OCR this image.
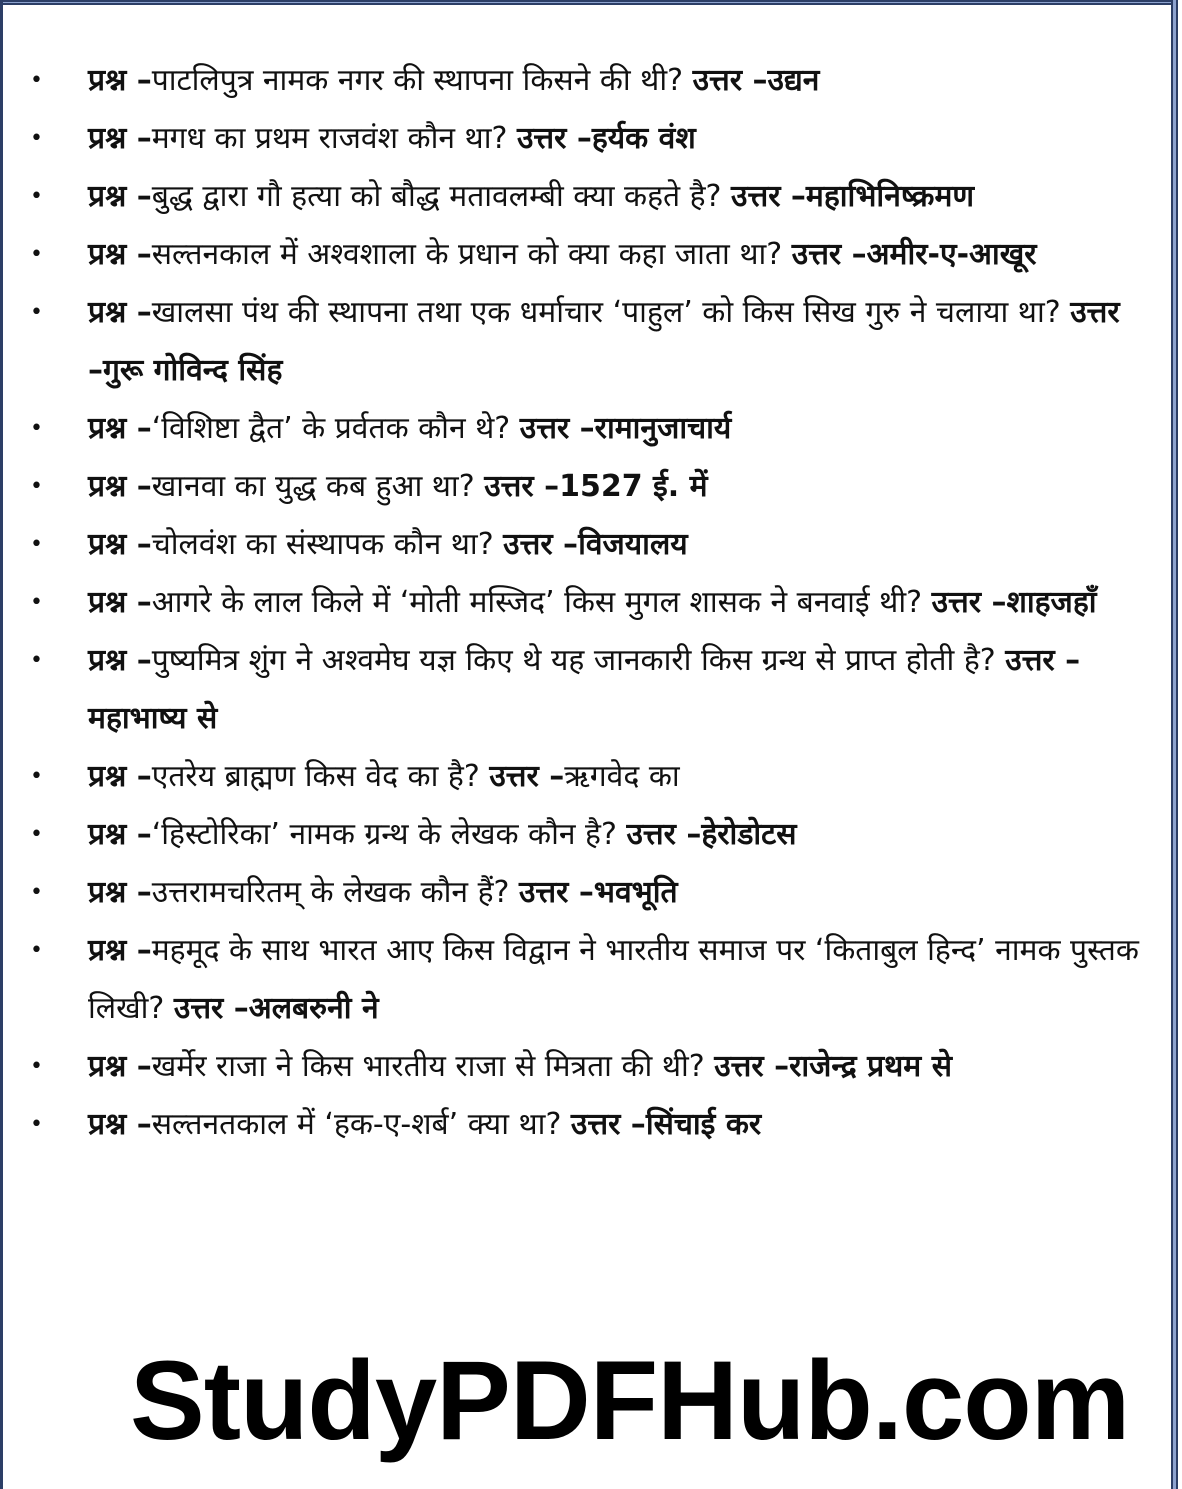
• प्रश्न –पाटलिपुत्र नामक नगर की स्थापना किसने की थी? उत्तर –उद्यन
• प्रश्न –मगध का प्रथम राजवंश कौन था? उत्तर –हर्यक वंश
• प्रश्न –बुद्ध द्वारा गौ हत्या को बौद्ध मतावलम्बी क्या कहते है? उत्तर –महाभिनिष्क्रमण
• प्रश्न –सल्तनकाल में अश्वशाला के प्रधान को क्या कहा जाता था? उत्तर –अमीर-ए-आखूर
• प्रश्न –खालसा पंथ की स्थापना तथा एक धर्माचार ‘पाहुल’ को किस सिख गुरु ने चलाया था? उत्तर –गुरू गोविन्द सिंह
• प्रश्न –‘विशिष्टा द्वैत’ के प्रर्वतक कौन थे? उत्तर –रामानुजाचार्य
• प्रश्न –खानवा का युद्ध कब हुआ था? उत्तर –1527 ई. में
• प्रश्न –चोलवंश का संस्थापक कौन था? उत्तर –विजयालय
• प्रश्न –आगरे के लाल किले में ‘मोती मस्जिद’ किस मुगल शासक ने बनवाई थी? उत्तर –शाहजहाँ
• प्रश्न –पुष्यमित्र शुंग ने अश्वमेघ यज्ञ किए थे यह जानकारी किस ग्रन्थ से प्राप्त होती है? उत्तर – महाभाष्य से
• प्रश्न –एतरेय ब्राह्मण किस वेद का है? उत्तर –ऋगवेद का
• प्रश्न –‘हिस्टोरिका’ नामक ग्रन्थ के लेखक कौन है? उत्तर –हेरोडोटस
• प्रश्न –उत्तरामचरितम् के लेखक कौन हैं? उत्तर –भवभूति
• प्रश्न –महमूद के साथ भारत आए किस विद्वान ने भारतीय समाज पर ‘किताबुल हिन्द’ नामक पुस्तक लिखी? उत्तर –अलबरुनी ने
• प्रश्न –खर्मेर राजा ने किस भारतीय राजा से मित्रता की थी? उत्तर –राजेन्द्र प्रथम से
• प्रश्न –सल्तनतकाल में ‘हक-ए-शर्ब’ क्या था? उत्तर –सिंचाई कर
StudyPDFHub.com
